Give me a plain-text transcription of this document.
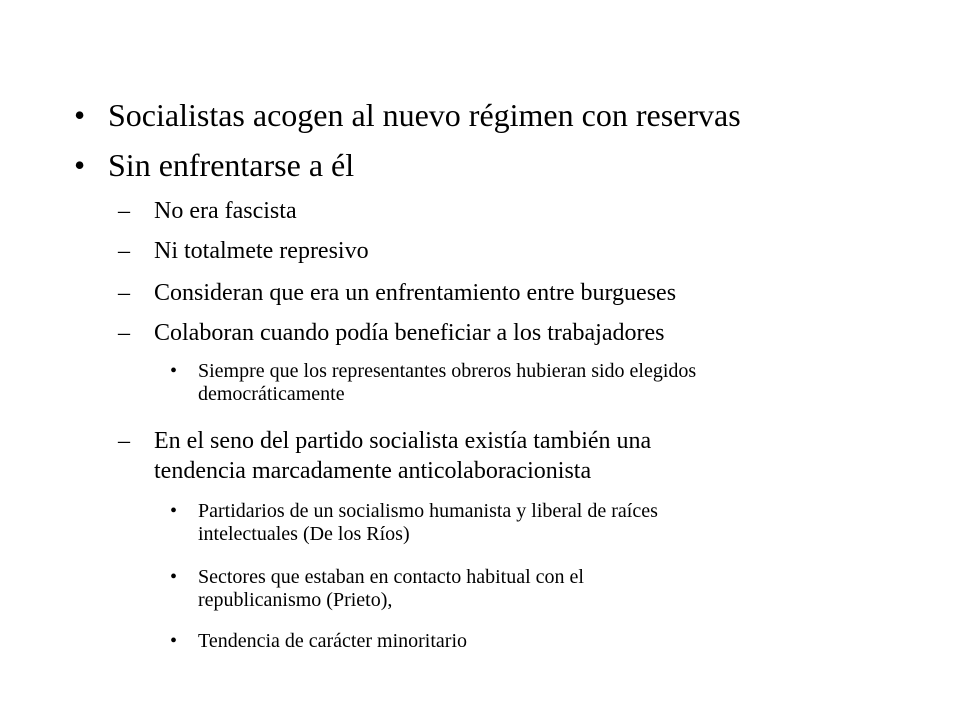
• Socialistas acogen al nuevo régimen con reservas
• Sin enfrentarse a él
– No era fascista
– Ni totalmete represivo
– Consideran que era un enfrentamiento entre burgueses
– Colaboran cuando podía beneficiar a los trabajadores
• Siempre que los representantes obreros hubieran sido elegidos
democráticamente
– En el seno del partido socialista existía también una
tendencia marcadamente anticolaboracionista
• Partidarios de un socialismo humanista y liberal de raíces
intelectuales (De los Ríos)
• Sectores que estaban en contacto habitual con el
republicanismo (Prieto),
• Tendencia de carácter minoritario
